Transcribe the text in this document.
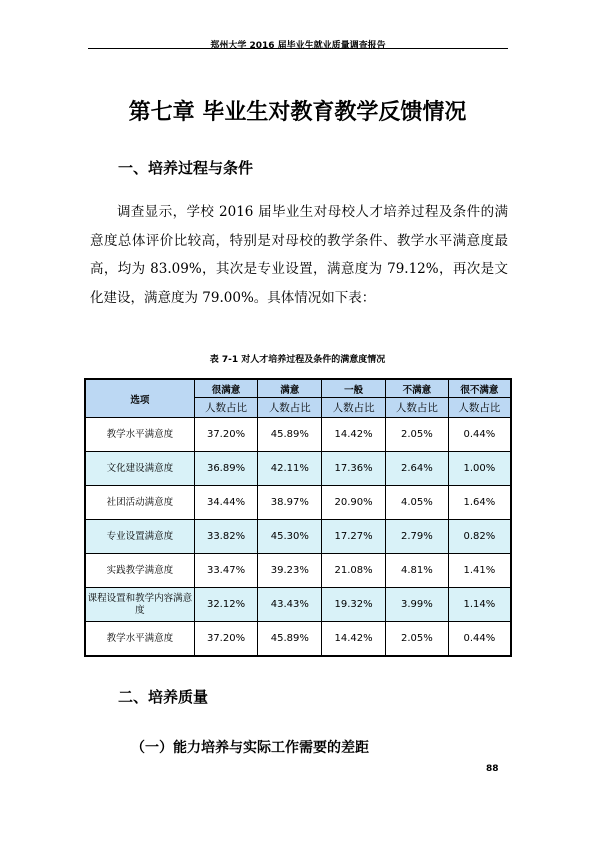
郑州大学 2016 届毕业生就业质量调查报告
第七章 毕业生对教育教学反馈情况
一、培养过程与条件
调查显示，学校 2016 届毕业生对母校人才培养过程及条件的满意度总体评价比较高，特别是对母校的教学条件、教学水平满意度最高，均为 83.09%，其次是专业设置，满意度为 79.12%，再次是文化建设，满意度为 79.00%。具体情况如下表：
表 7-1 对人才培养过程及条件的满意度情况
选项	很满意	满意	一般	不满意	很不满意
	人数占比	人数占比	人数占比	人数占比	人数占比
教学水平满意度	37.20%	45.89%	14.42%	2.05%	0.44%
文化建设满意度	36.89%	42.11%	17.36%	2.64%	1.00%
社团活动满意度	34.44%	38.97%	20.90%	4.05%	1.64%
专业设置满意度	33.82%	45.30%	17.27%	2.79%	0.82%
实践教学满意度	33.47%	39.23%	21.08%	4.81%	1.41%
课程设置和教学内容满意度	32.12%	43.43%	19.32%	3.99%	1.14%
教学水平满意度	37.20%	45.89%	14.42%	2.05%	0.44%
二、培养质量
（一）能力培养与实际工作需要的差距
88
